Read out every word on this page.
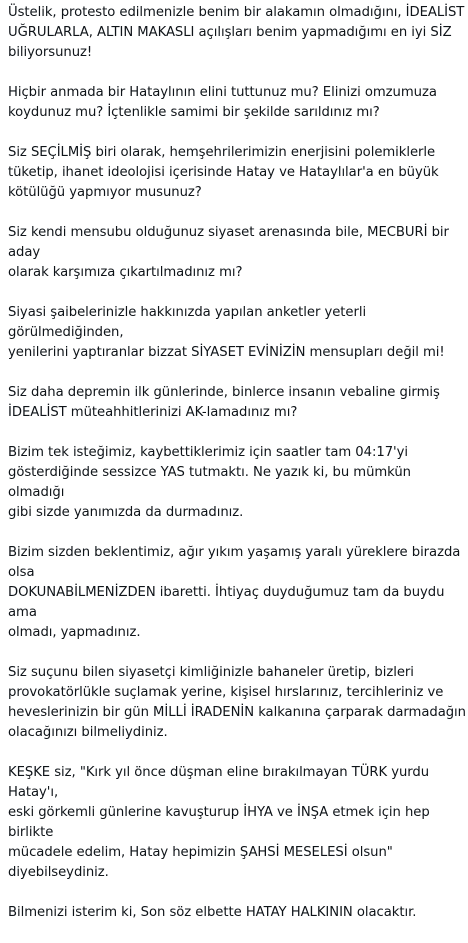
Üstelik, protesto edilmenizle benim bir alakamın olmadığını, İDEALİST
UĞRULARLA, ALTIN MAKASLI açılışları benim yapmadığımı en iyi SİZ
biliyorsunuz!

Hiçbir anmada bir Hataylının elini tuttunuz mu? Elinizi omzumuza
koydunuz mu? İçtenlikle samimi bir şekilde sarıldınız mı?

Siz SEÇİLMİŞ biri olarak, hemşehrilerimizin enerjisini polemiklerle
tüketip, ihanet ideolojisi içerisinde Hatay ve Hataylılar'a en büyük
kötülüğü yapmıyor musunuz?

Siz kendi mensubu olduğunuz siyaset arenasında bile, MECBURİ bir aday
olarak karşımıza çıkartılmadınız mı?

Siyasi şaibelerinizle hakkınızda yapılan anketler yeterli görülmediğinden,
yenilerini yaptıranlar bizzat SİYASET EVİNİZİN mensupları değil mi!

Siz daha depremin ilk günlerinde, binlerce insanın vebaline girmiş
İDEALİST müteahhitlerinizi AK-lamadınız mı?

Bizim tek isteğimiz, kaybettiklerimiz için saatler tam 04:17'yi
gösterdiğinde sessizce YAS tutmaktı. Ne yazık ki, bu mümkün olmadığı
gibi sizde yanımızda da durmadınız.

Bizim sizden beklentimiz, ağır yıkım yaşamış yaralı yüreklere birazda olsa
DOKUNABİLMENİZDEN ibaretti. İhtiyaç duyduğumuz tam da buydu ama
olmadı, yapmadınız.

Siz suçunu bilen siyasetçi kimliğinizle bahaneler üretip, bizleri
provokatörlükle suçlamak yerine, kişisel hırslarınız, tercihleriniz ve
heveslerinizin bir gün MİLLİ İRADENİN kalkanına çarparak darmadağın
olacağınızı bilmeliydiniz.

KEŞKE siz, "Kırk yıl önce düşman eline bırakılmayan TÜRK yurdu Hatay'ı,
eski görkemli günlerine kavuşturup İHYA ve İNŞA etmek için hep birlikte
mücadele edelim, Hatay hepimizin ŞAHSİ MESELESİ olsun"
diyebilseydiniz.

Bilmenizi isterim ki, Son söz elbette HATAY HALKININ olacaktır.
